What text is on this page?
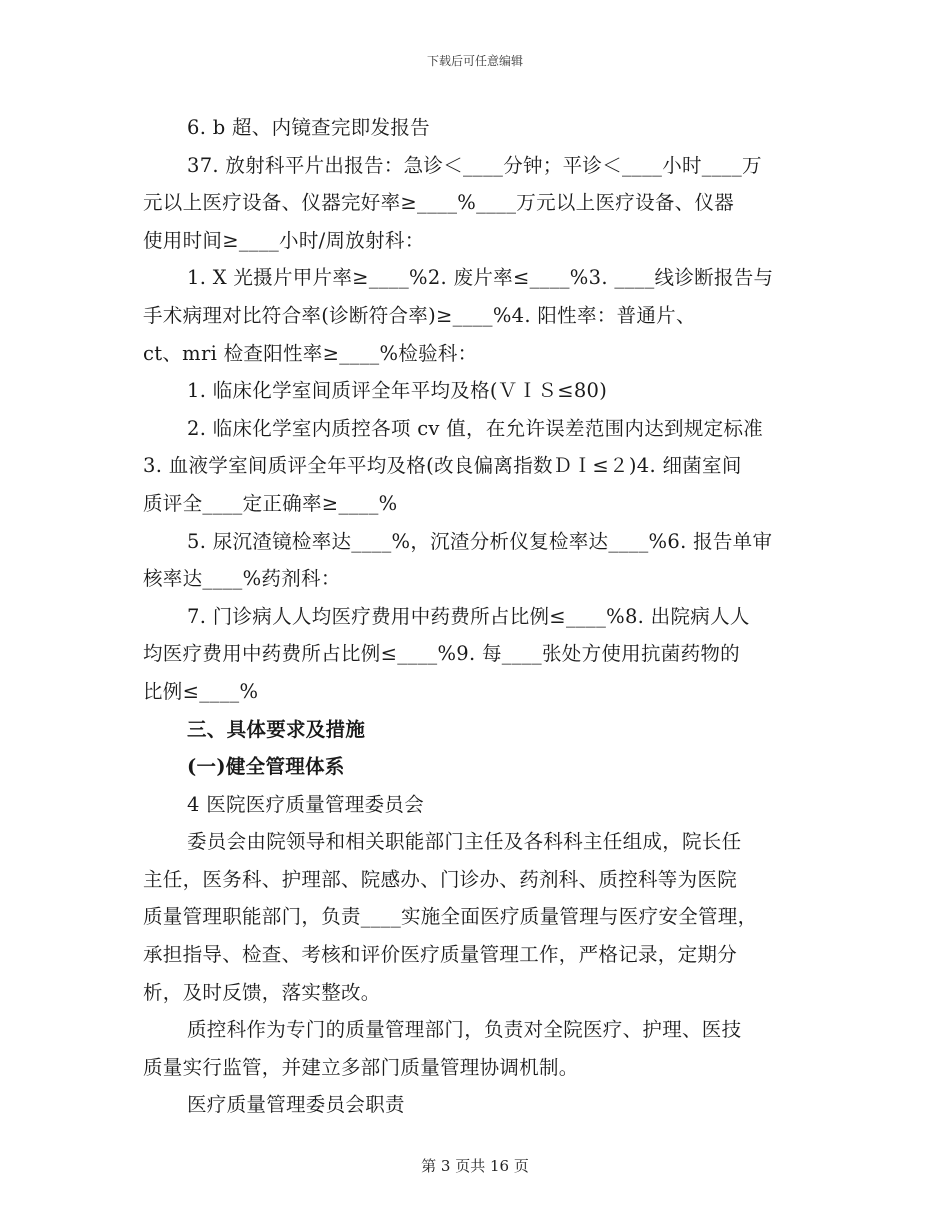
下载后可任意编辑

6. b 超、内镜查完即发报告

37. 放射科平片出报告：急诊＜____分钟；平诊＜____小时____万

元以上医疗设备、仪器完好率≥____%____万元以上医疗设备、仪器

使用时间≥____小时/周放射科：

1. X 光摄片甲片率≥____%2. 废片率≤____%3. ____线诊断报告与

手术病理对比符合率(诊断符合率)≥____%4. 阳性率：普通片、

ct、mri 检查阳性率≥____%检验科：

1. 临床化学室间质评全年平均及格(ＶＩＳ≤80)

2. 临床化学室内质控各项 cv 值，在允许误差范围内达到规定标准

3. 血液学室间质评全年平均及格(改良偏离指数ＤＩ≤２)4. 细菌室间

质评全____定正确率≥____%

5. 尿沉渣镜检率达____%，沉渣分析仪复检率达____%6. 报告单审

核率达____%药剂科：

7. 门诊病人人均医疗费用中药费所占比例≤____%8. 出院病人人

均医疗费用中药费所占比例≤____%9. 每____张处方使用抗菌药物的

比例≤____%

三、具体要求及措施

(一)健全管理体系

4 医院医疗质量管理委员会

委员会由院领导和相关职能部门主任及各科科主任组成，院长任

主任，医务科、护理部、院感办、门诊办、药剂科、质控科等为医院

质量管理职能部门，负责____实施全面医疗质量管理与医疗安全管理，

承担指导、检查、考核和评价医疗质量管理工作，严格记录，定期分

析，及时反馈，落实整改。

质控科作为专门的质量管理部门，负责对全院医疗、护理、医技

质量实行监管，并建立多部门质量管理协调机制。

医疗质量管理委员会职责

第 3 页共 16 页
